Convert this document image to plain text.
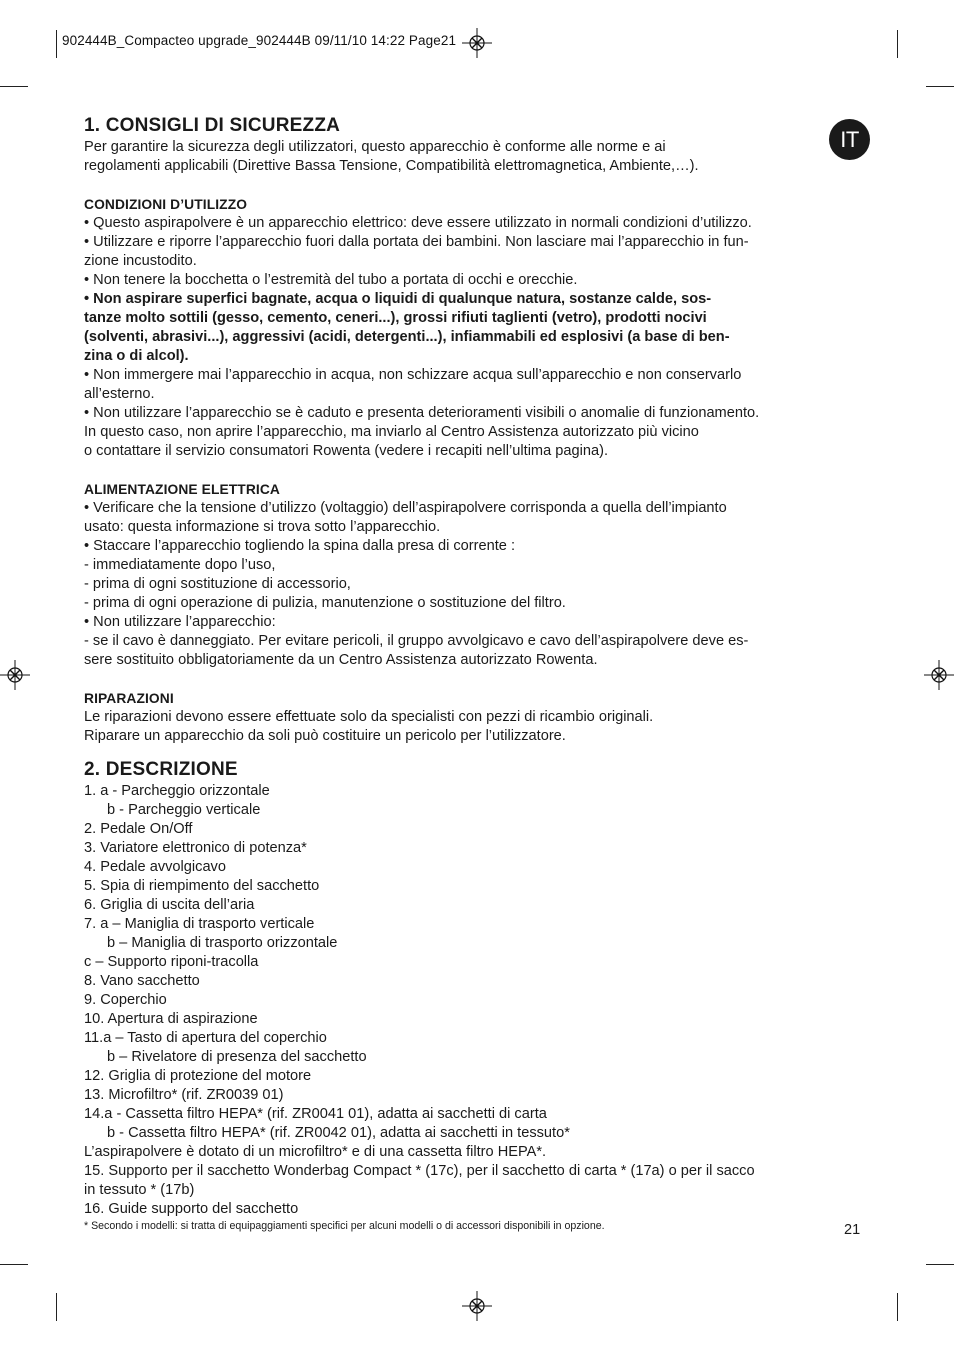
902444B_Compacteo upgrade_902444B 09/11/10 14:22 Page21
IT
1. CONSIGLI DI SICUREZZA

Per garantire la sicurezza degli utilizzatori, questo apparecchio è conforme alle norme e ai

regolamenti applicabili (Direttive Bassa Tensione, Compatibilità elettromagnetica, Ambiente,…).

CONDIZIONI D’UTILIZZO

• Questo aspirapolvere è un apparecchio elettrico: deve essere utilizzato in normali condizioni d’utilizzo.

• Utilizzare e riporre l’apparecchio fuori dalla portata dei bambini. Non lasciare mai l’apparecchio in fun-

zione incustodito.

• Non tenere la bocchetta o l’estremità del tubo a portata di occhi e orecchie.

• Non aspirare superfici bagnate, acqua o liquidi di qualunque natura, sostanze calde, sos-

tanze molto sottili (gesso, cemento, ceneri...), grossi rifiuti taglienti (vetro), prodotti nocivi

(solventi, abrasivi...), aggressivi (acidi, detergenti...), infiammabili ed esplosivi (a base di ben-

zina o di alcol).

• Non immergere mai l’apparecchio in acqua, non schizzare acqua sull’apparecchio e non conservarlo

all’esterno.

• Non utilizzare l’apparecchio se è caduto e presenta deterioramenti visibili o anomalie di funzionamento.

In questo caso, non aprire l’apparecchio, ma inviarlo al Centro Assistenza autorizzato più vicino

o contattare il servizio consumatori Rowenta (vedere i recapiti nell’ultima pagina).

ALIMENTAZIONE ELETTRICA

• Verificare che la tensione d’utilizzo (voltaggio) dell’aspirapolvere corrisponda a quella dell’impianto

usato: questa informazione si trova sotto l’apparecchio.

• Staccare l’apparecchio togliendo la spina dalla presa di corrente :

- immediatamente dopo l’uso,

- prima di ogni sostituzione di accessorio,

- prima di ogni operazione di pulizia, manutenzione o sostituzione del filtro.

• Non utilizzare l’apparecchio:

- se il cavo è danneggiato. Per evitare pericoli, il gruppo avvolgicavo e cavo dell’aspirapolvere deve es-

sere sostituito obbligatoriamente da un Centro Assistenza autorizzato Rowenta.

RIPARAZIONI

Le riparazioni devono essere effettuate solo da specialisti con pezzi di ricambio originali.

Riparare un apparecchio da soli può costituire un pericolo per l’utilizzatore.

2. DESCRIZIONE

1. a - Parcheggio orizzontale

b - Parcheggio verticale

2. Pedale On/Off

3. Variatore elettronico di potenza*

4. Pedale avvolgicavo

5. Spia di riempimento del sacchetto

6. Griglia di uscita dell’aria

7. a – Maniglia di trasporto verticale

b – Maniglia di trasporto orizzontale

c – Supporto riponi-tracolla

8. Vano sacchetto

9. Coperchio

10. Apertura di aspirazione

11.a – Tasto di apertura del coperchio

b – Rivelatore di presenza del sacchetto

12. Griglia di protezione del motore

13. Microfiltro* (rif. ZR0039 01)

14.a - Cassetta filtro HEPA* (rif. ZR0041 01), adatta ai sacchetti di carta

b - Cassetta filtro HEPA* (rif. ZR0042 01), adatta ai sacchetti in tessuto*

L’aspirapolvere è dotato di un microfiltro* e di una cassetta filtro HEPA*.

15. Supporto per il sacchetto Wonderbag Compact * (17c), per il sacchetto di carta * (17a) o per il sacco

in tessuto * (17b)

16. Guide supporto del sacchetto

* Secondo i modelli: si tratta di equipaggiamenti specifici per alcuni modelli o di accessori disponibili in opzione.	21
